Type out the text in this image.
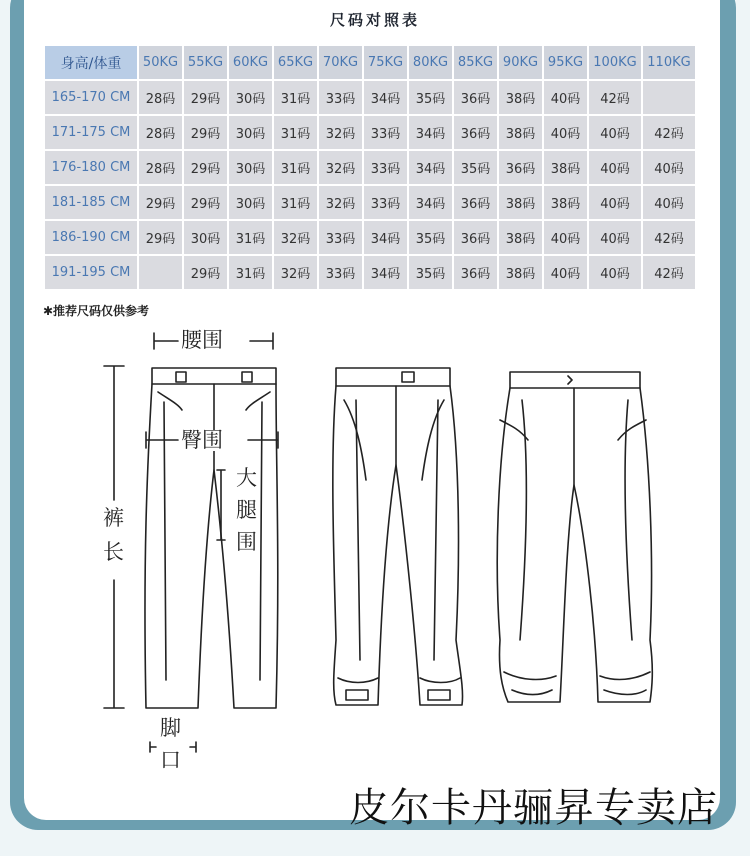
尺码对照表
身高/体重	50KG	55KG	60KG	65KG	70KG	75KG	80KG	85KG	90KG	95KG	100KG	110KG
165-170 CM	28码	29码	30码	31码	33码	34码	35码	36码	38码	40码	42码	
171-175 CM	28码	29码	30码	31码	32码	33码	34码	36码	38码	40码	40码	42码
176-180 CM	28码	29码	30码	31码	32码	33码	34码	35码	36码	38码	40码	40码
181-185 CM	29码	29码	30码	31码	32码	33码	34码	36码	38码	38码	40码	40码
186-190 CM	29码	30码	31码	32码	33码	34码	35码	36码	38码	40码	40码	42码
191-195 CM		29码	31码	32码	33码	34码	35码	36码	38码	40码	40码	42码
✱推荐尺码仅供参考
腰围
臀围
大
腿
围
裤
长
脚
口
皮尔卡丹骊昇专卖店
